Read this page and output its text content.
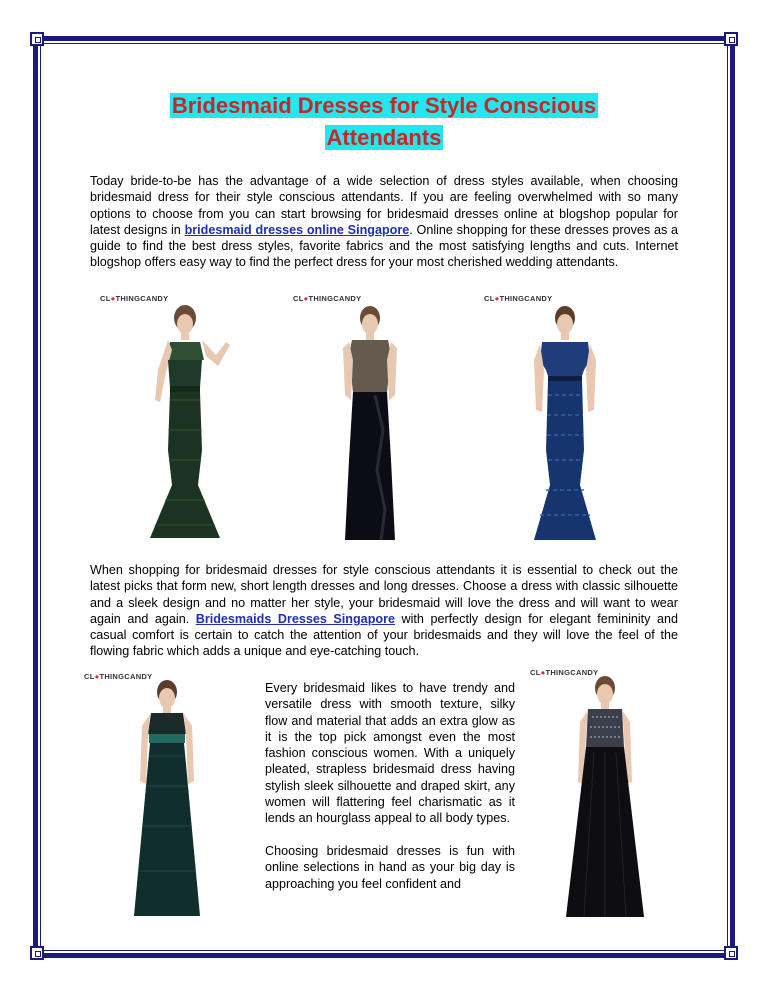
Bridesmaid Dresses for Style Conscious
Attendants
Today bride-to-be has the advantage of a wide selection of dress styles available, when choosing bridesmaid dress for their style conscious attendants. If you are feeling overwhelmed with so many options to choose from you can start browsing for bridesmaid dresses online at blogshop popular for latest designs in bridesmaid dresses online Singapore. Online shopping for these dresses proves as a guide to find the best dress styles, favorite fabrics and the most satisfying lengths and cuts. Internet blogshop offers easy way to find the perfect dress for your most cherished wedding attendants.
CL●THINGCANDY	CL●THINGCANDY	CL●THINGCANDY
CL●THINGCANDY	CL●THINGCANDY
When shopping for bridesmaid dresses for style conscious attendants it is essential to check out the latest picks that form new, short length dresses and long dresses. Choose a dress with classic silhouette and a sleek design and no matter her style, your bridesmaid will love the dress and will want to wear again and again. Bridesmaids Dresses Singapore with perfectly design for elegant femininity and casual comfort is certain to catch the attention of your bridesmaids and they will love the feel of the flowing fabric which adds a unique and eye-catching touch.
Every bridesmaid likes to have trendy and versatile dress with smooth texture, silky flow and material that adds an extra glow as it is the top pick amongst even the most fashion conscious women. With a uniquely pleated, strapless bridesmaid dress having stylish sleek silhouette and draped skirt, any women will flattering feel charismatic as it lends an hourglass appeal to all body types.
Choosing bridesmaid dresses is fun with online selections in hand as your big day is approaching you feel confident and
